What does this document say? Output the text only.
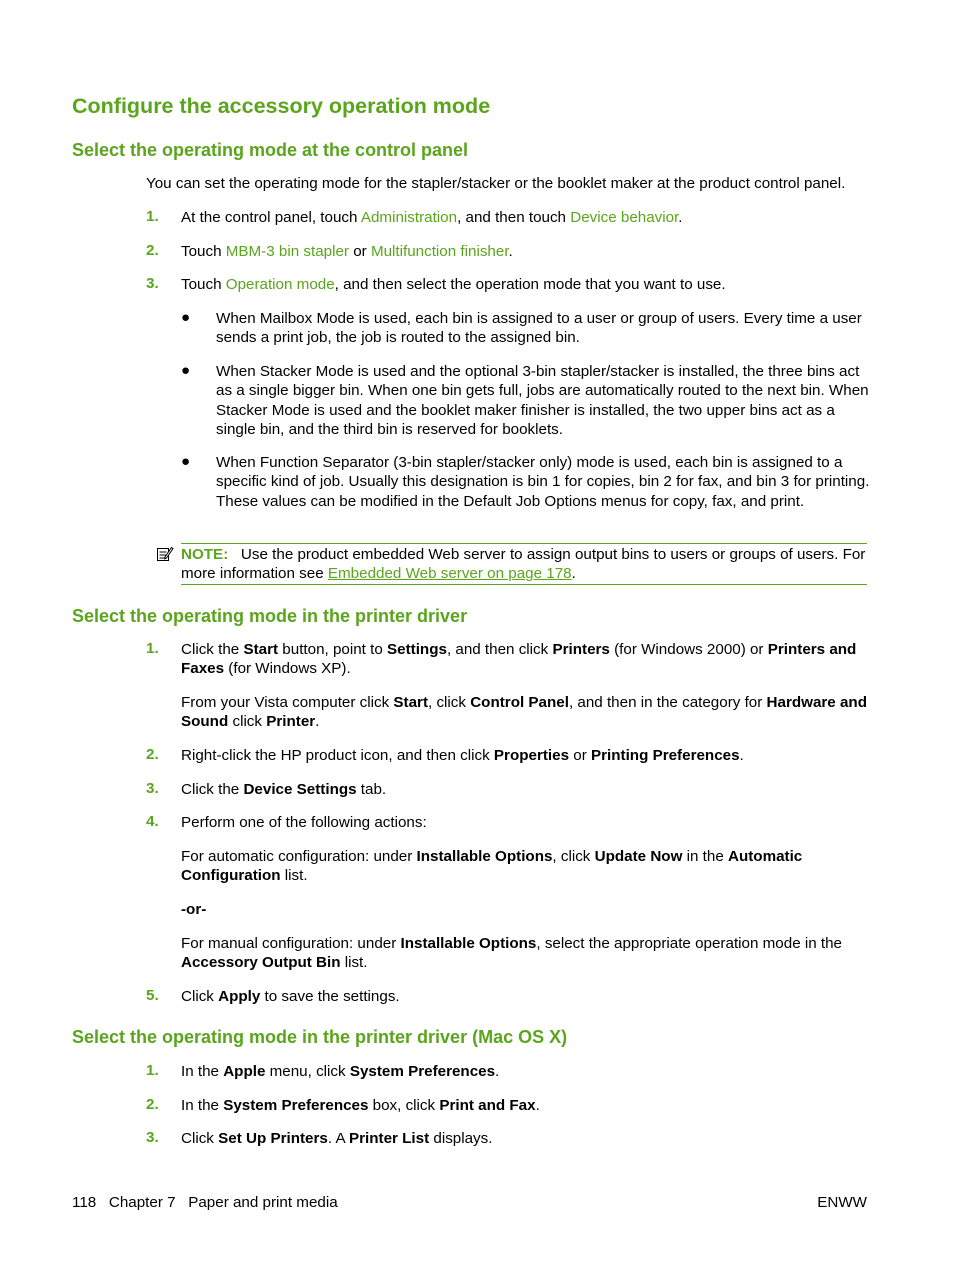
Configure the accessory operation mode
Select the operating mode at the control panel
You can set the operating mode for the stapler/stacker or the booklet maker at the product control panel.
1. At the control panel, touch Administration, and then touch Device behavior.
2. Touch MBM-3 bin stapler or Multifunction finisher.
3. Touch Operation mode, and then select the operation mode that you want to use.
● When Mailbox Mode is used, each bin is assigned to a user or group of users. Every time a user sends a print job, the job is routed to the assigned bin.
● When Stacker Mode is used and the optional 3-bin stapler/stacker is installed, the three bins act as a single bigger bin. When one bin gets full, jobs are automatically routed to the next bin. When Stacker Mode is used and the booklet maker finisher is installed, the two upper bins act as a single bin, and the third bin is reserved for booklets.
● When Function Separator (3-bin stapler/stacker only) mode is used, each bin is assigned to a specific kind of job. Usually this designation is bin 1 for copies, bin 2 for fax, and bin 3 for printing. These values can be modified in the Default Job Options menus for copy, fax, and print.
NOTE: Use the product embedded Web server to assign output bins to users or groups of users. For more information see Embedded Web server on page 178.
Select the operating mode in the printer driver
1. Click the Start button, point to Settings, and then click Printers (for Windows 2000) or Printers and Faxes (for Windows XP).
From your Vista computer click Start, click Control Panel, and then in the category for Hardware and Sound click Printer.
2. Right-click the HP product icon, and then click Properties or Printing Preferences.
3. Click the Device Settings tab.
4. Perform one of the following actions:
For automatic configuration: under Installable Options, click Update Now in the Automatic Configuration list.
-or-
For manual configuration: under Installable Options, select the appropriate operation mode in the Accessory Output Bin list.
5. Click Apply to save the settings.
Select the operating mode in the printer driver (Mac OS X)
1. In the Apple menu, click System Preferences.
2. In the System Preferences box, click Print and Fax.
3. Click Set Up Printers. A Printer List displays.
118   Chapter 7   Paper and print media	ENWW
